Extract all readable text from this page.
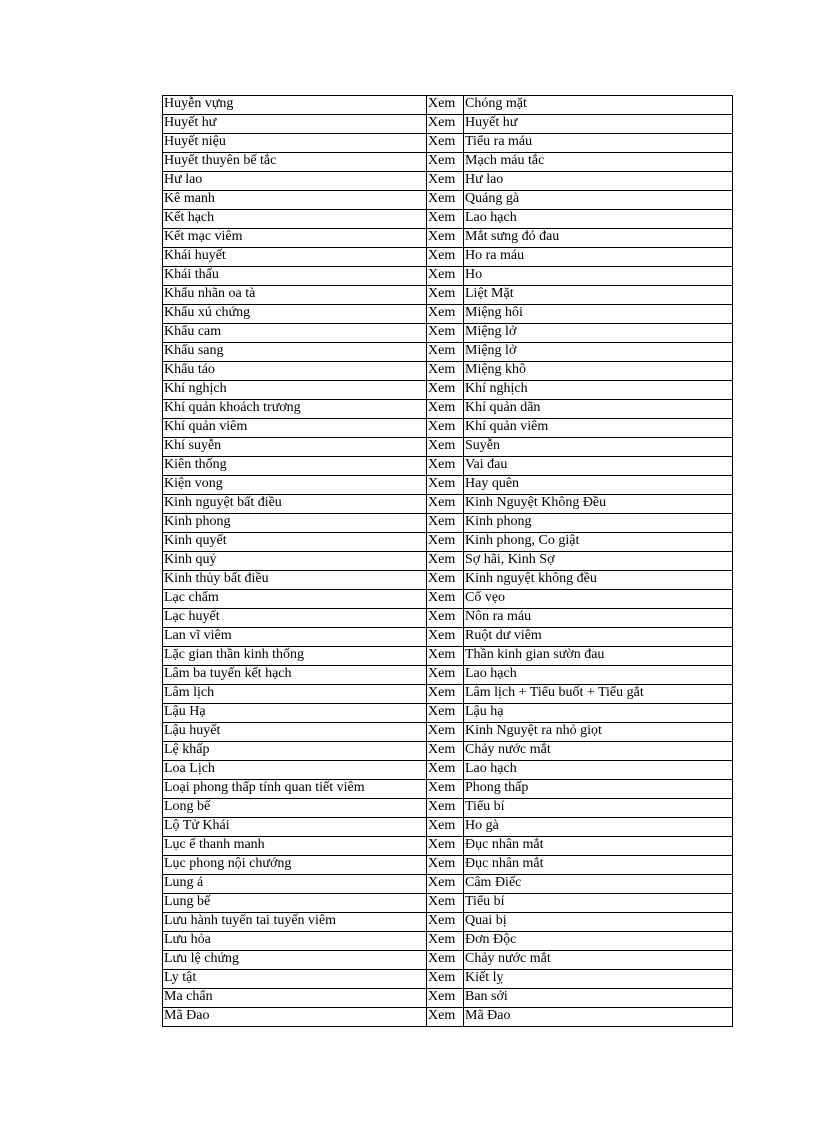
Huyễn vựng	Xem	Chóng mặt
Huyết hư	Xem	Huyết hư
Huyết niệu	Xem	Tiểu ra máu
Huyết thuyên bế tắc	Xem	Mạch máu tắc
Hư lao	Xem	Hư lao
Kê manh	Xem	Quáng gà
Kết hạch	Xem	Lao hạch
Kết mạc viêm	Xem	Mắt sưng đỏ đau
Khái huyết	Xem	Ho ra máu
Khái thấu	Xem	Ho
Khẩu nhãn oa tà	Xem	Liệt Mặt
Khẩu xú chứng	Xem	Miệng hôi
Khẩu cam	Xem	Miệng lở
Khẩu sang	Xem	Miệng lở
Khẩu táo	Xem	Miệng khô
Khí nghịch	Xem	Khí nghịch
Khí quản khoách trương	Xem	Khí quản dãn
Khí quản viêm	Xem	Khí quản viêm
Khí suyễn	Xem	Suyễn
Kiên thống	Xem	Vai đau
Kiện vong	Xem	Hay quên
Kinh nguyệt bất điều	Xem	Kinh Nguyệt Không Đều
Kinh phong	Xem	Kinh phong
Kinh quyết	Xem	Kinh phong, Co giật
Kinh quý	Xem	Sợ hãi, Kinh Sợ
Kinh thủy bất điều	Xem	Kinh nguyệt không đều
Lạc chẩm	Xem	Cổ vẹo
Lạc huyết	Xem	Nôn ra máu
Lan vĩ viêm	Xem	Ruột dư viêm
Lặc gian thần kinh thống	Xem	Thần kinh gian sườn đau
Lâm ba tuyến kết hạch	Xem	Lao hạch
Lâm lịch	Xem	Lâm lịch + Tiểu buốt + Tiểu gắt
Lậu Hạ	Xem	Lậu hạ
Lậu huyết	Xem	Kinh Nguyệt ra nhỏ giọt
Lệ khấp	Xem	Chảy nước mắt
Loa Lịch	Xem	Lao hạch
Loại phong thấp tính quan tiết viêm	Xem	Phong thấp
Long bế	Xem	Tiểu bí
Lộ Tử Khái	Xem	Ho gà
Lục ế thanh manh	Xem	Đục nhân mắt
Lục phong nội chướng	Xem	Đục nhân mắt
Lung á	Xem	Câm Điếc
Lung bế	Xem	Tiểu bí
Lưu hành tuyến tai tuyến viêm	Xem	Quai bị
Lưu hỏa	Xem	Đơn Độc
Lưu lệ chứng	Xem	Chảy nước mắt
Ly tật	Xem	Kiết lỵ
Ma chẩn	Xem	Ban sởi
Mã Đao	Xem	Mã Đao
